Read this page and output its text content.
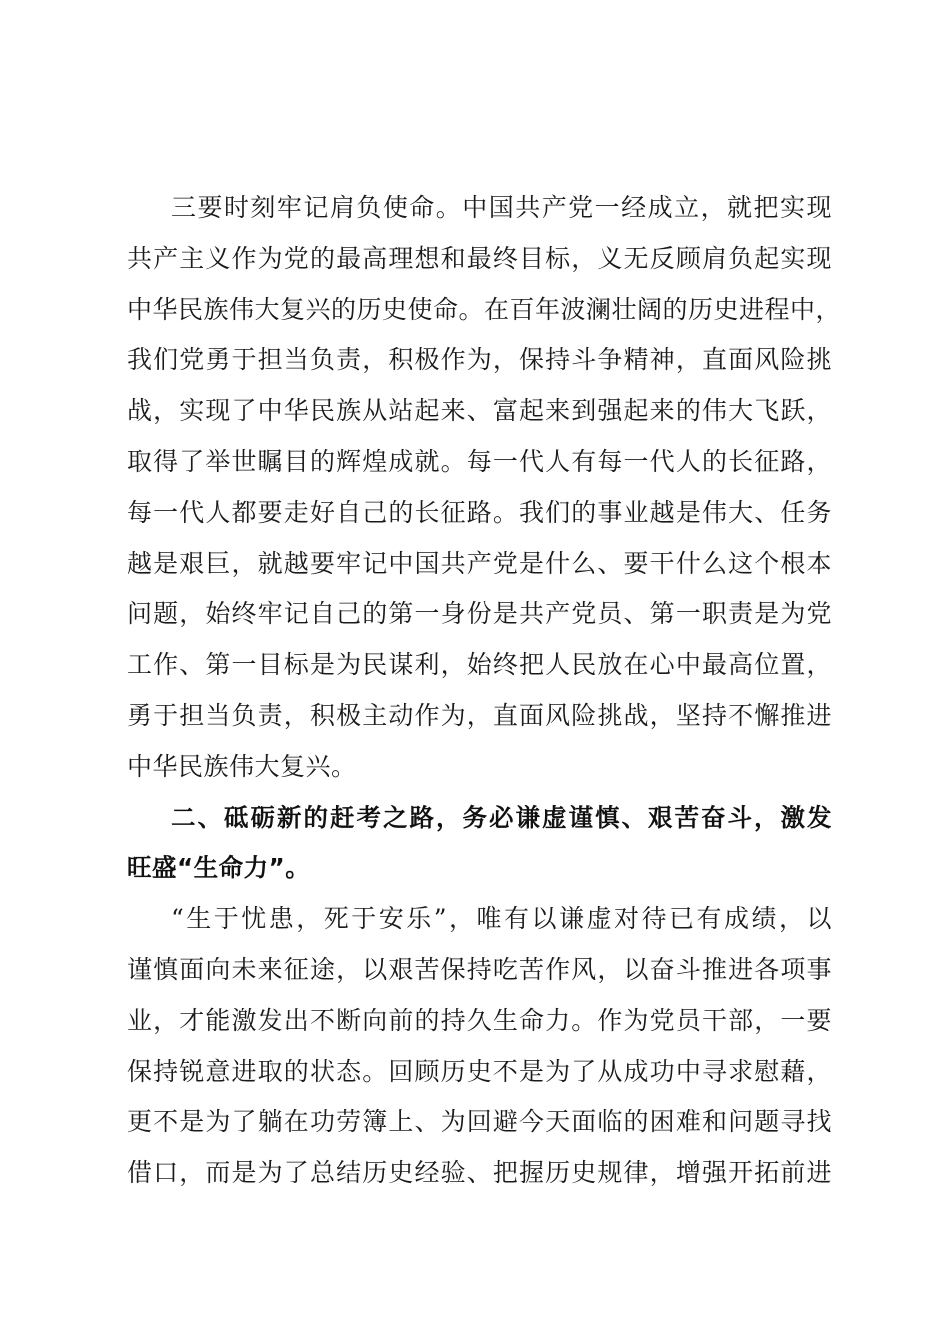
三要时刻牢记肩负使命。中国共产党一经成立，就把实现
共产主义作为党的最高理想和最终目标，义无反顾肩负起实现
中华民族伟大复兴的历史使命。在百年波澜壮阔的历史进程中，
我们党勇于担当负责，积极作为，保持斗争精神，直面风险挑
战，实现了中华民族从站起来、富起来到强起来的伟大飞跃，
取得了举世瞩目的辉煌成就。每一代人有每一代人的长征路，
每一代人都要走好自己的长征路。我们的事业越是伟大、任务
越是艰巨，就越要牢记中国共产党是什么、要干什么这个根本
问题，始终牢记自己的第一身份是共产党员、第一职责是为党
工作、第一目标是为民谋利，始终把人民放在心中最高位置，
勇于担当负责，积极主动作为，直面风险挑战，坚持不懈推进
中华民族伟大复兴。
二、砥砺新的赶考之路，务必谦虚谨慎、艰苦奋斗，激发
旺盛“生命力”。
“生于忧患，死于安乐”，唯有以谦虚对待已有成绩，以
谨慎面向未来征途，以艰苦保持吃苦作风，以奋斗推进各项事
业，才能激发出不断向前的持久生命力。作为党员干部，一要
保持锐意进取的状态。回顾历史不是为了从成功中寻求慰藉，
更不是为了躺在功劳簿上、为回避今天面临的困难和问题寻找
借口，而是为了总结历史经验、把握历史规律，增强开拓前进
